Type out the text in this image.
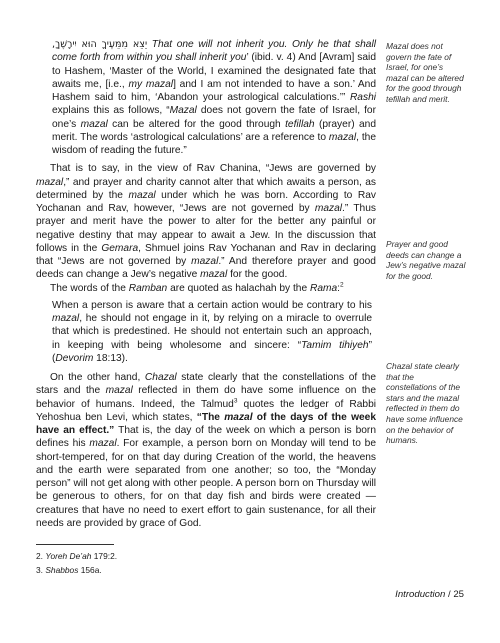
יֵצֵא מִמֵּעֶיךָ הוּא יִירָשֶׁךָ, That one will not inherit you. Only he that shall come forth from within you shall inherit you’ (ibid. v. 4) And [Avram] said to Hashem, ‘Master of the World, I examined the designated fate that awaits me, [i.e., my mazal] and I am not intended to have a son.’ And Hashem said to him, ‘Abandon your astrological calculations.’” Rashi explains this as follows, “Mazal does not govern the fate of Israel, for one’s mazal can be altered for the good through tefillah (prayer) and merit. The words ‘astrological calculations’ are a reference to mazal, the wisdom of reading the future.”

That is to say, in the view of Rav Chanina, “Jews are governed by mazal,” and prayer and charity cannot alter that which awaits a person, as determined by the mazal under which he was born. According to Rav Yochanan and Rav, however, “Jews are not governed by mazal.” Thus prayer and merit have the power to alter for the better any painful or negative destiny that may appear to await a Jew. In the discussion that follows in the Gemara, Shmuel joins Rav Yochanan and Rav in declaring that “Jews are not governed by mazal.” And therefore prayer and good deeds can change a Jew’s negative mazal for the good.

The words of the Ramban are quoted as halachah by the Rama:$^2$

When a person is aware that a certain action would be contrary to his mazal, he should not engage in it, by relying on a miracle to overrule that which is predestined. He should not entertain such an approach, in keeping with being wholesome and sincere: “Tamim tihiyeh” (Devorim 18:13).

On the other hand, Chazal state clearly that the constellations of the stars and the mazal reflected in them do have some influence on the behavior of humans. Indeed, the Talmud$^3$ quotes the ledger of Rabbi Yehoshua ben Levi, which states, “The mazal of the days of the week have an effect.” That is, the day of the week on which a person is born defines his mazal. For example, a person born on Monday will tend to be short-tempered, for on that day during Creation of the world, the heavens and the earth were separated from one another; so too, the “Monday person” will not get along with other people. A person born on Thursday will be generous to others, for on that day fish and birds were created — creatures that have no need to exert effort to gain sustenance, for all their needs are provided by grace of God.

Mazal does not govern the fate of Israel, for one’s mazal can be altered for the good through tefillah and merit.
Prayer and good deeds can change a Jew’s negative mazal for the good.
Chazal state clearly that the constellations of the stars and the mazal reflected in them do have some influence on the behavior of humans.
2. Yoreh De’ah 179:2.
3. Shabbos 156a.
Introduction / 25
